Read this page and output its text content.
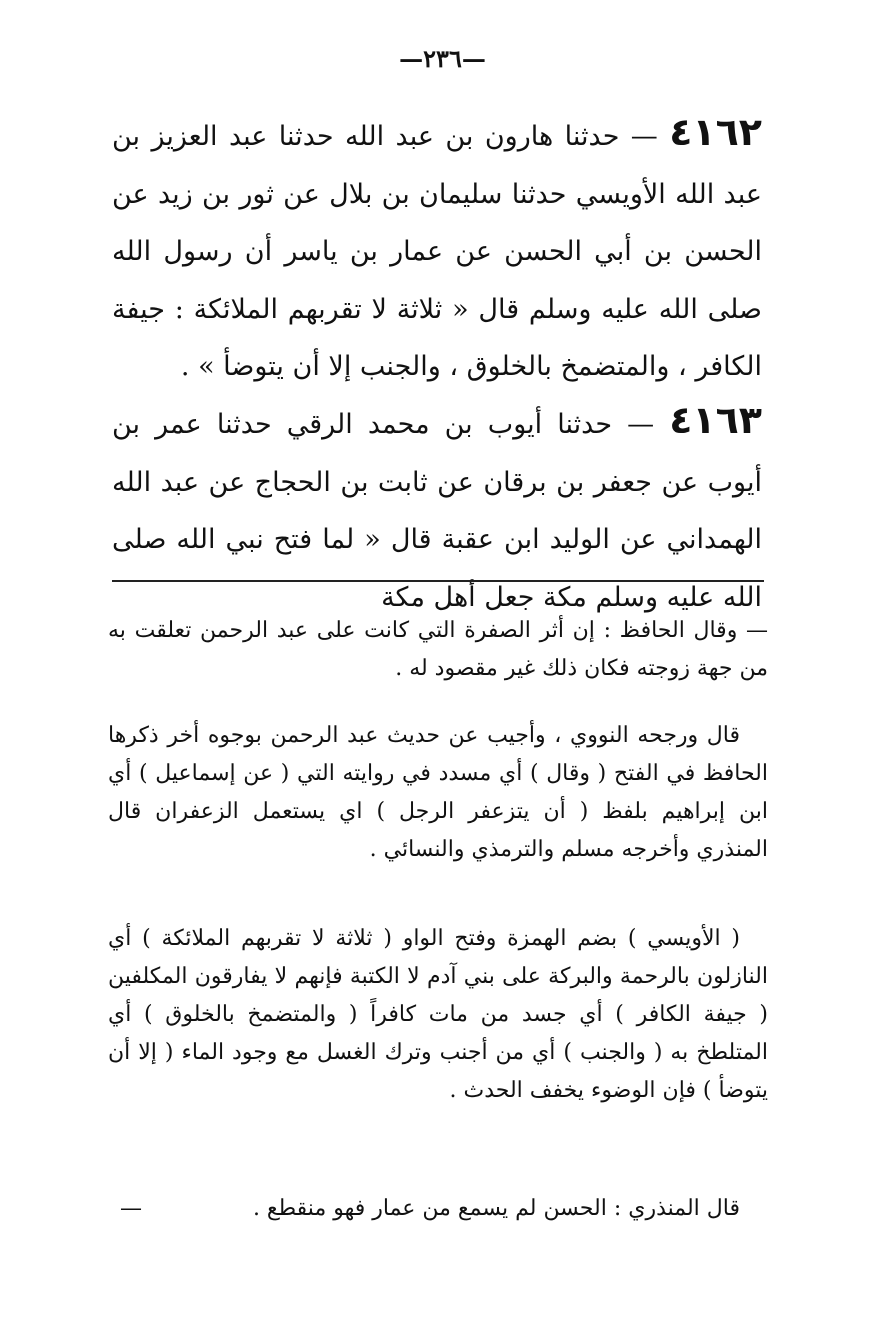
—٢٣٦—
٤١٦٢ — حدثنا هارون بن عبد الله حدثنا عبد العزيز بن عبد الله الأويسي حدثنا سليمان بن بلال عن ثور بن زيد عن الحسن بن أبي الحسن عن عمار بن ياسر أن رسول الله صلى الله عليه وسلم قال « ثلاثة لا تقربهم الملائكة : جيفة الكافر ، والمتضمخ بالخلوق ، والجنب إلا أن يتوضأ » .
٤١٦٣ — حدثنا أيوب بن محمد الرقي حدثنا عمر بن أيوب عن جعفر بن برقان عن ثابت بن الحجاج عن عبد الله الهمداني عن الوليد ابن عقبة قال « لما فتح نبي الله صلى الله عليه وسلم مكة جعل أهل مكة
— وقال الحافظ : إن أثر الصفرة التي كانت على عبد الرحمن تعلقت به من جهة زوجته فكان ذلك غير مقصود له .
قال ورجحه النووي ، وأجيب عن حديث عبد الرحمن بوجوه أخر ذكرها الحافظ في الفتح ( وقال ) أي مسدد في روايته التي ( عن إسماعيل ) أي ابن إبراهيم بلفظ ( أن يتزعفر الرجل ) اي يستعمل الزعفران قال المنذري وأخرجه مسلم والترمذي والنسائي .
( الأويسي ) بضم الهمزة وفتح الواو ( ثلاثة لا تقربهم الملائكة ) أي النازلون بالرحمة والبركة على بني آدم لا الكتبة فإنهم لا يفارقون المكلفين ( جيفة الكافر ) أي جسد من مات كافراً ( والمتضمخ بالخلوق ) أي المتلطخ به ( والجنب ) أي من أجنب وترك الغسل مع وجود الماء ( إلا أن يتوضأ ) فإن الوضوء يخفف الحدث .
قال المنذري : الحسن لم يسمع من عمار فهو منقطع .
—
